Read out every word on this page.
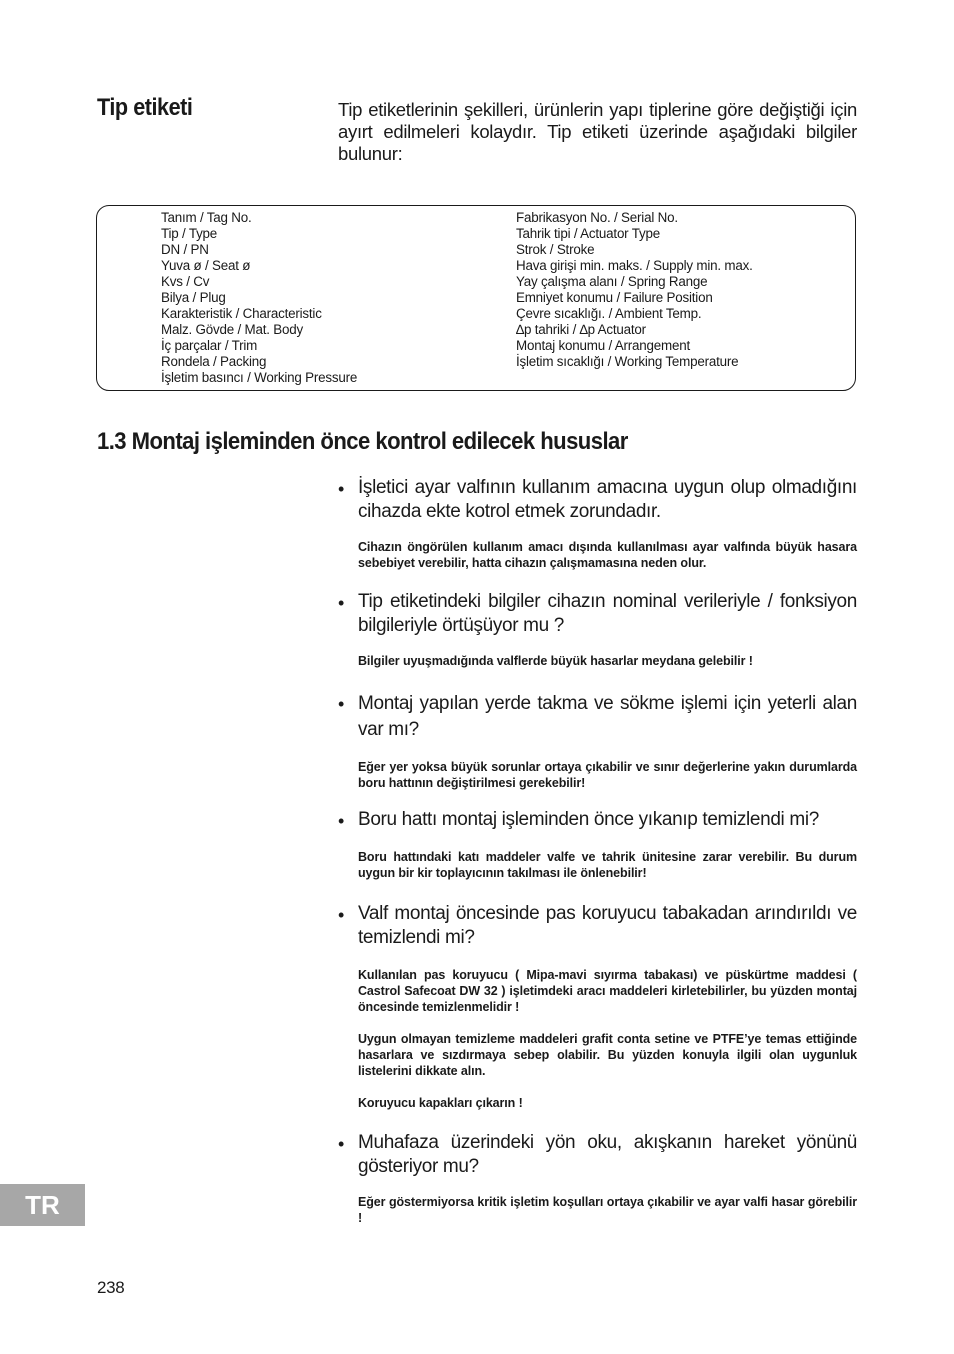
Tip etiketi	Tip etiketlerinin şekilleri, ürünlerin yapı tiplerine göre değiştiği için ayırt edilmeleri kolaydır. Tip etiketi üzerinde aşağıdaki bilgiler bulunur:

Tanım / Tag No.
Tip / Type
DN / PN
Yuva ø / Seat ø
Kvs / Cv
Bilya / Plug
Karakteristik / Characteristic
Malz. Gövde / Mat. Body
İç parçalar / Trim
Rondela / Packing
İşletim basıncı / Working Pressure
Fabrikasyon No. / Serial No.
Tahrik tipi / Actuator Type
Strok / Stroke
Hava girişi min. maks. / Supply min. max.
Yay çalışma alanı / Spring Range
Emniyet konumu / Failure Position
Çevre sıcaklığı. / Ambient Temp.
∆p tahriki / ∆p Actuator
Montaj konumu / Arrangement
İşletim sıcaklığı / Working Temperature
1.3 Montaj işleminden önce kontrol edilecek hususlar
• İşletici ayar valfının kullanım amacına uygun olup olmadığını cihazda ekte kotrol etmek zorundadır.

Cihazın öngörülen kullanım amacı dışında kullanılması ayar valfında büyük hasara sebebiyet verebilir, hatta cihazın çalışmamasına neden olur.

• Tip etiketindeki bilgiler cihazın nominal verileriyle / fonksiyon bilgileriyle örtüşüyor mu ?

Bilgiler uyuşmadığında valflerde büyük hasarlar meydana gelebilir !

• Montaj yapılan yerde takma ve sökme işlemi için yeterli alan var mı?

Eğer yer yoksa büyük sorunlar ortaya çıkabilir ve sınır değerlerine yakın durumlarda boru hattının değiştirilmesi gerekebilir!

• Boru hattı montaj işleminden önce yıkanıp temizlendi mi?

Boru hattındaki katı maddeler valfe ve tahrik ünitesine zarar verebilir. Bu durum uygun bir kir toplayıcının takılması ile önlenebilir!

• Valf montaj öncesinde pas koruyucu tabakadan arındırıldı ve temizlendi mi?

Kullanılan pas koruyucu ( Mipa-mavi sıyırma tabakası) ve püskürtme maddesi ( Castrol Safecoat DW 32 ) işletimdeki aracı maddeleri kirletebilirler, bu yüzden montaj öncesinde temizlenmelidir !

Uygun olmayan temizleme maddeleri grafit conta setine ve PTFE’ye temas ettiğinde hasarlara ve sızdırmaya sebep olabilir. Bu yüzden konuyla ilgili olan uygunluk listelerini dikkate alın.

Koruyucu kapakları çıkarın !

• Muhafaza üzerindeki yön oku, akışkanın hareket yönünü gösteriyor mu?

Eğer göstermiyorsa kritik işletim koşulları ortaya çıkabilir ve ayar valfi hasar görebilir !

TR

238
